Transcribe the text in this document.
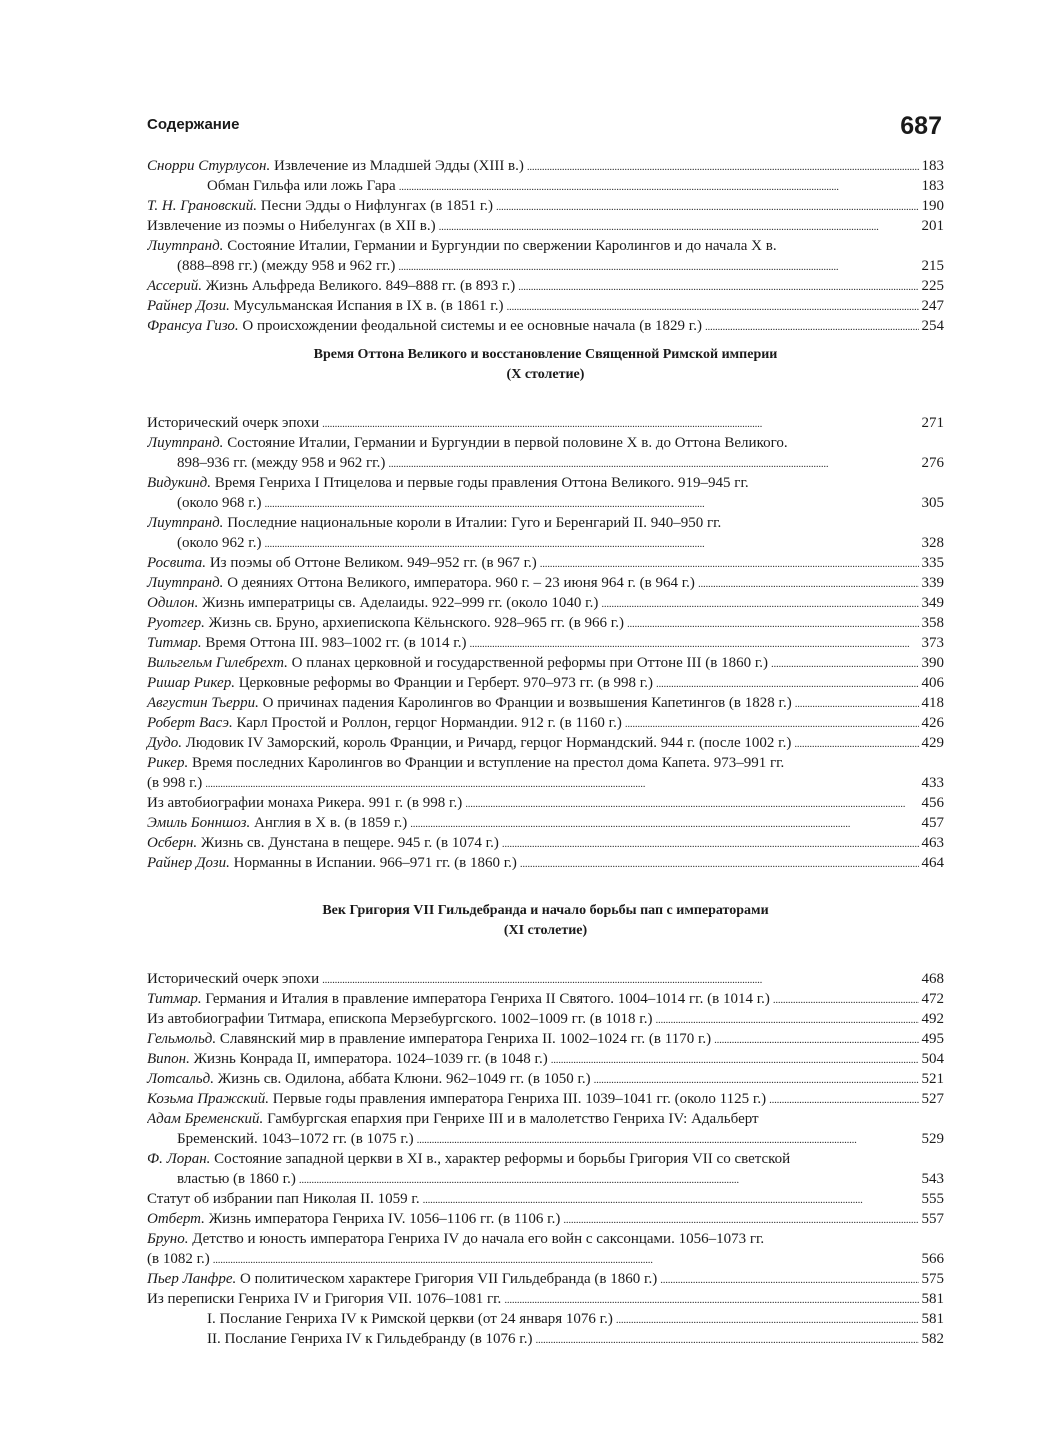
Содержание	687
Снорри Стурлусон. Извлечение из Младшей Эдды (XIII в.) . . .	183
Обман Гильфа или ложь Гара . . .	183
Т. Н. Грановский. Песни Эдды о Нифлунгах (в 1851 г.) . . .	190
Извлечение из поэмы о Нибелунгах (в XII в.) . . .	201
Лиутпранд. Состояние Италии, Германии и Бургундии по свержении Каролингов и до начала X в.
(888–898 гг.) (между 958 и 962 гг.) . . .	215
Ассерий. Жизнь Альфреда Великого. 849–888 гг. (в 893 г.) . . .	225
Райнер Дози. Мусульманская Испания в IX в. (в 1861 г.) . . .	247
Франсуа Гизо. О происхождении феодальной системы и ее основные начала (в 1829 г.) . . .	254
Время Оттона Великого и восстановление Священной Римской империи
(X столетие)
Исторический очерк эпохи . . .	271
Лиутпранд. Состояние Италии, Германии и Бургундии в первой половине X в. до Оттона Великого.
898–936 гг. (между 958 и 962 гг.) . . .	276
Видукинд. Время Генриха I Птицелова и первые годы правления Оттона Великого. 919–945 гг.
(около 968 г.) . . .	305
Лиутпранд. Последние национальные короли в Италии: Гуго и Беренгарий II. 940–950 гг.
(около 962 г.) . . .	328
Росвита. Из поэмы об Оттоне Великом. 949–952 гг. (в 967 г.) . . .	335
Лиутпранд. О деяниях Оттона Великого, императора. 960 г. – 23 июня 964 г. (в 964 г.) . . .	339
Одилон. Жизнь императрицы св. Аделаиды. 922–999 гг. (около 1040 г.) . . .	349
Руотгер. Жизнь св. Бруно, архиепископа Кёльнского. 928–965 гг. (в 966 г.) . . .	358
Титмар. Время Оттона III. 983–1002 гг. (в 1014 г.) . . .	373
Вильгельм Гилебрехт. О планах церковной и государственной реформы при Оттоне III (в 1860 г.) . . .	390
Ришар Рикер. Церковные реформы во Франции и Герберт. 970–973 гг. (в 998 г.) . . .	406
Августин Тьерри. О причинах падения Каролингов во Франции и возвышения Капетингов (в 1828 г.) . . .	418
Роберт Васэ. Карл Простой и Роллон, герцог Нормандии. 912 г. (в 1160 г.) . . .	426
Дудо. Людовик IV Заморский, король Франции, и Ричард, герцог Нормандский. 944 г. (после 1002 г.) . . .	429
Рикер. Время последних Каролингов во Франции и вступление на престол дома Капета. 973–991 гг.
(в 998 г.) . . .	433
Из автобиографии монаха Рикера. 991 г. (в 998 г.) . . .	456
Эмиль Бонншоз. Англия в X в. (в 1859 г.) . . .	457
Осберн. Жизнь св. Дунстана в пещере. 945 г. (в 1074 г.) . . .	463
Райнер Дози. Норманны в Испании. 966–971 гг. (в 1860 г.) . . .	464
Век Григория VII Гильдебранда и начало борьбы пап с императорами
(XI столетие)
Исторический очерк эпохи . . .	468
Титмар. Германия и Италия в правление императора Генриха II Святого. 1004–1014 гг. (в 1014 г.) . . .	472
Из автобиографии Титмара, епископа Мерзебургского. 1002–1009 гг. (в 1018 г.) . . .	492
Гельмольд. Славянский мир в правление императора Генриха II. 1002–1024 гг. (в 1170 г.) . . .	495
Випон. Жизнь Конрада II, императора. 1024–1039 гг. (в 1048 г.) . . .	504
Лотсальд. Жизнь св. Одилона, аббата Клюни. 962–1049 гг. (в 1050 г.) . . .	521
Козьма Пражский. Первые годы правления императора Генриха III. 1039–1041 гг. (около 1125 г.) . . .	527
Адам Бременский. Гамбургская епархия при Генрихе III и в малолетство Генриха IV: Адальберт
Бременский. 1043–1072 гг. (в 1075 г.) . . .	529
Ф. Лоран. Состояние западной церкви в XI в., характер реформы и борьбы Григория VII со светской
властью (в 1860 г.) . . .	543
Статут об избрании пап Николая II. 1059 г. . . .	555
Отберт. Жизнь императора Генриха IV. 1056–1106 гг. (в 1106 г.) . . .	557
Бруно. Детство и юность императора Генриха IV до начала его войн с саксонцами. 1056–1073 гг.
(в 1082 г.) . . .	566
Пьер Ланфре. О политическом характере Григория VII Гильдебранда (в 1860 г.) . . .	575
Из переписки Генриха IV и Григория VII. 1076–1081 гг. . . .	581
I. Послание Генриха IV к Римской церкви (от 24 января 1076 г.) . . .	581
II. Послание Генриха IV к Гильдебранду (в 1076 г.) . . .	582
